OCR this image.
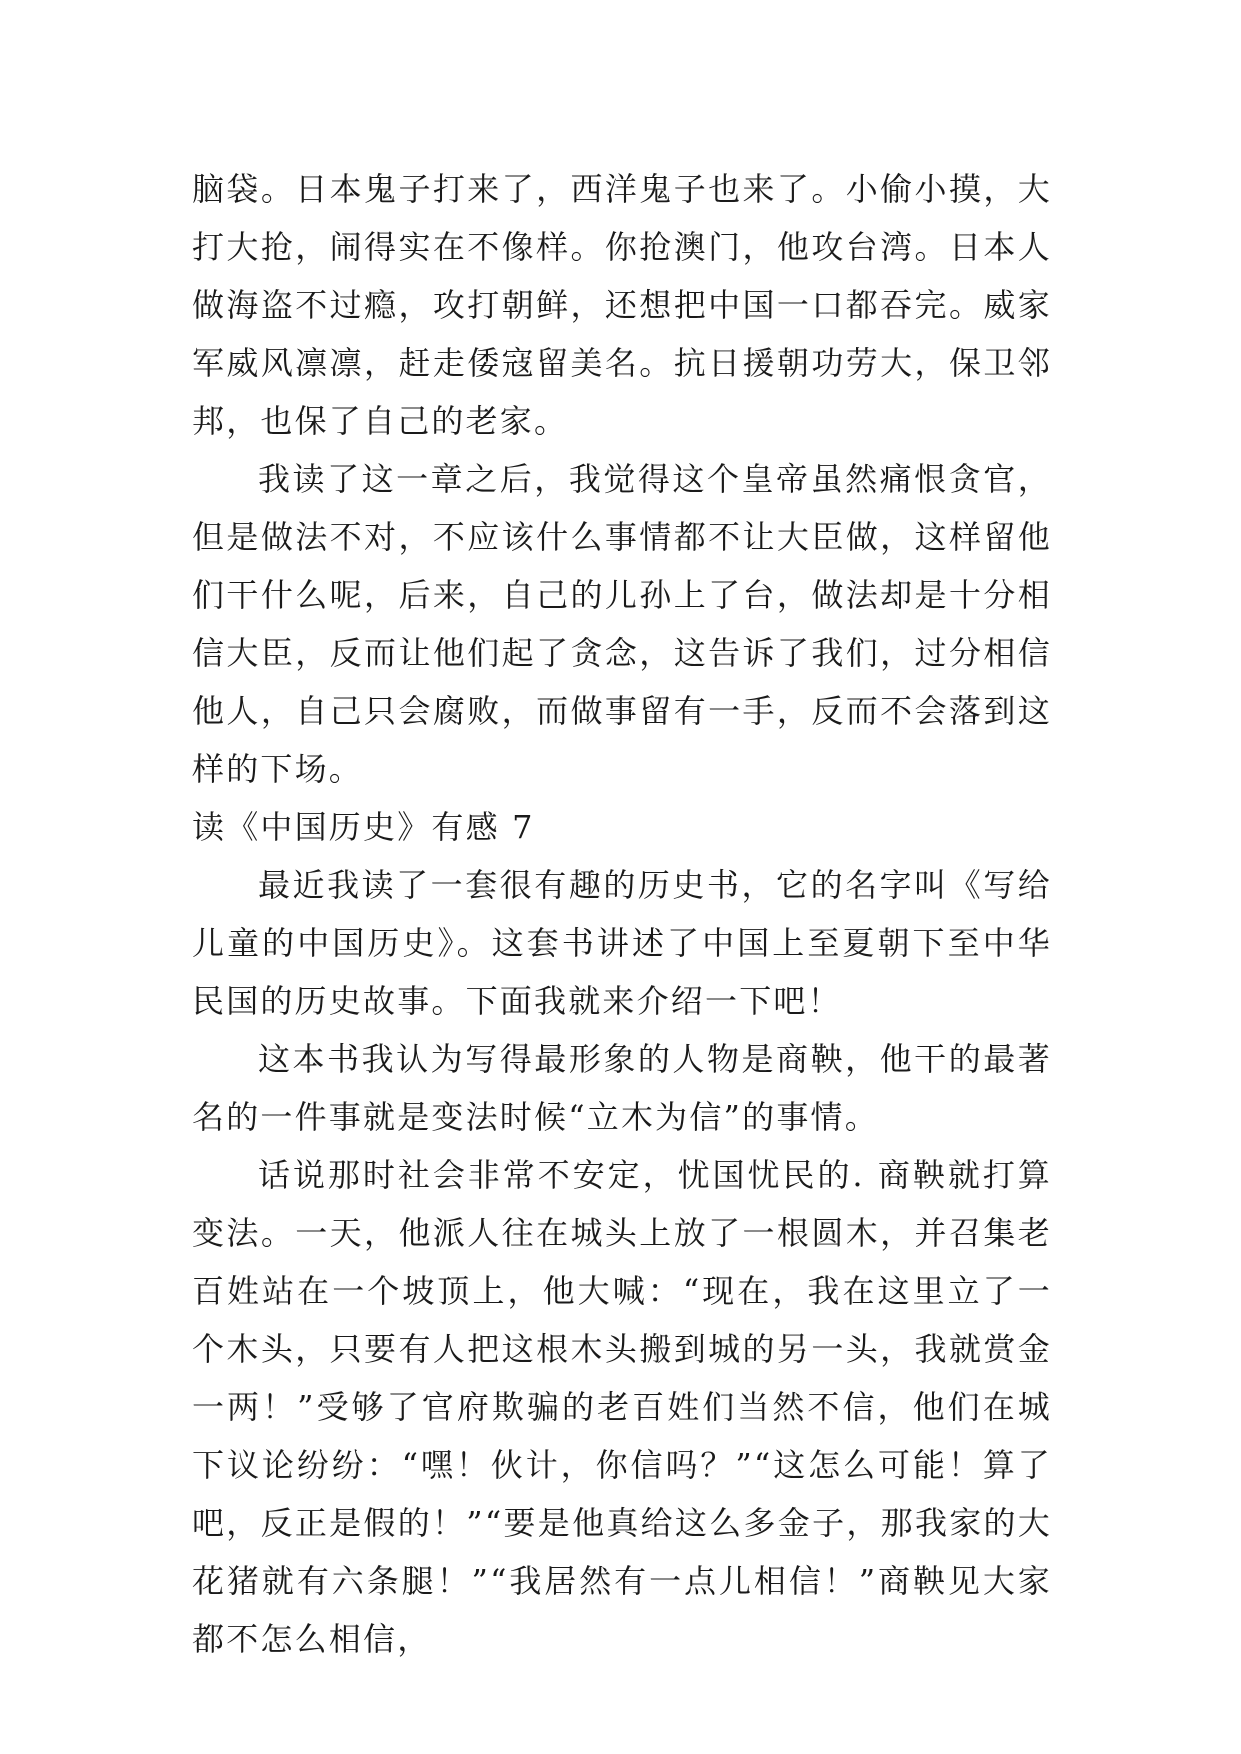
脑袋。日本鬼子打来了，西洋鬼子也来了。小偷小摸，大打大抢，闹得实在不像样。你抢澳门，他攻台湾。日本人做海盗不过瘾，攻打朝鲜，还想把中国一口都吞完。威家军威风凛凛，赶走倭寇留美名。抗日援朝功劳大，保卫邻邦，也保了自己的老家。

我读了这一章之后，我觉得这个皇帝虽然痛恨贪官，但是做法不对，不应该什么事情都不让大臣做，这样留他们干什么呢，后来，自己的儿孙上了台，做法却是十分相信大臣，反而让他们起了贪念，这告诉了我们，过分相信他人，自己只会腐败，而做事留有一手，反而不会落到这样的下场。

读《中国历史》有感 7

最近我读了一套很有趣的历史书，它的名字叫《写给儿童的中国历史》。这套书讲述了中国上至夏朝下至中华民国的历史故事。下面我就来介绍一下吧！

这本书我认为写得最形象的人物是商鞅，他干的最著名的一件事就是变法时候“立木为信”的事情。

话说那时社会非常不安定，忧国忧民的. 商鞅就打算变法。一天，他派人往在城头上放了一根圆木，并召集老百姓站在一个坡顶上，他大喊：“现在，我在这里立了一个木头，只要有人把这根木头搬到城的另一头，我就赏金一两！”受够了官府欺骗的老百姓们当然不信，他们在城下议论纷纷：“嘿！伙计，你信吗？”“这怎么可能！算了吧，反正是假的！”“要是他真给这么多金子，那我家的大花猪就有六条腿！”“我居然有一点儿相信！”商鞅见大家都不怎么相信，
